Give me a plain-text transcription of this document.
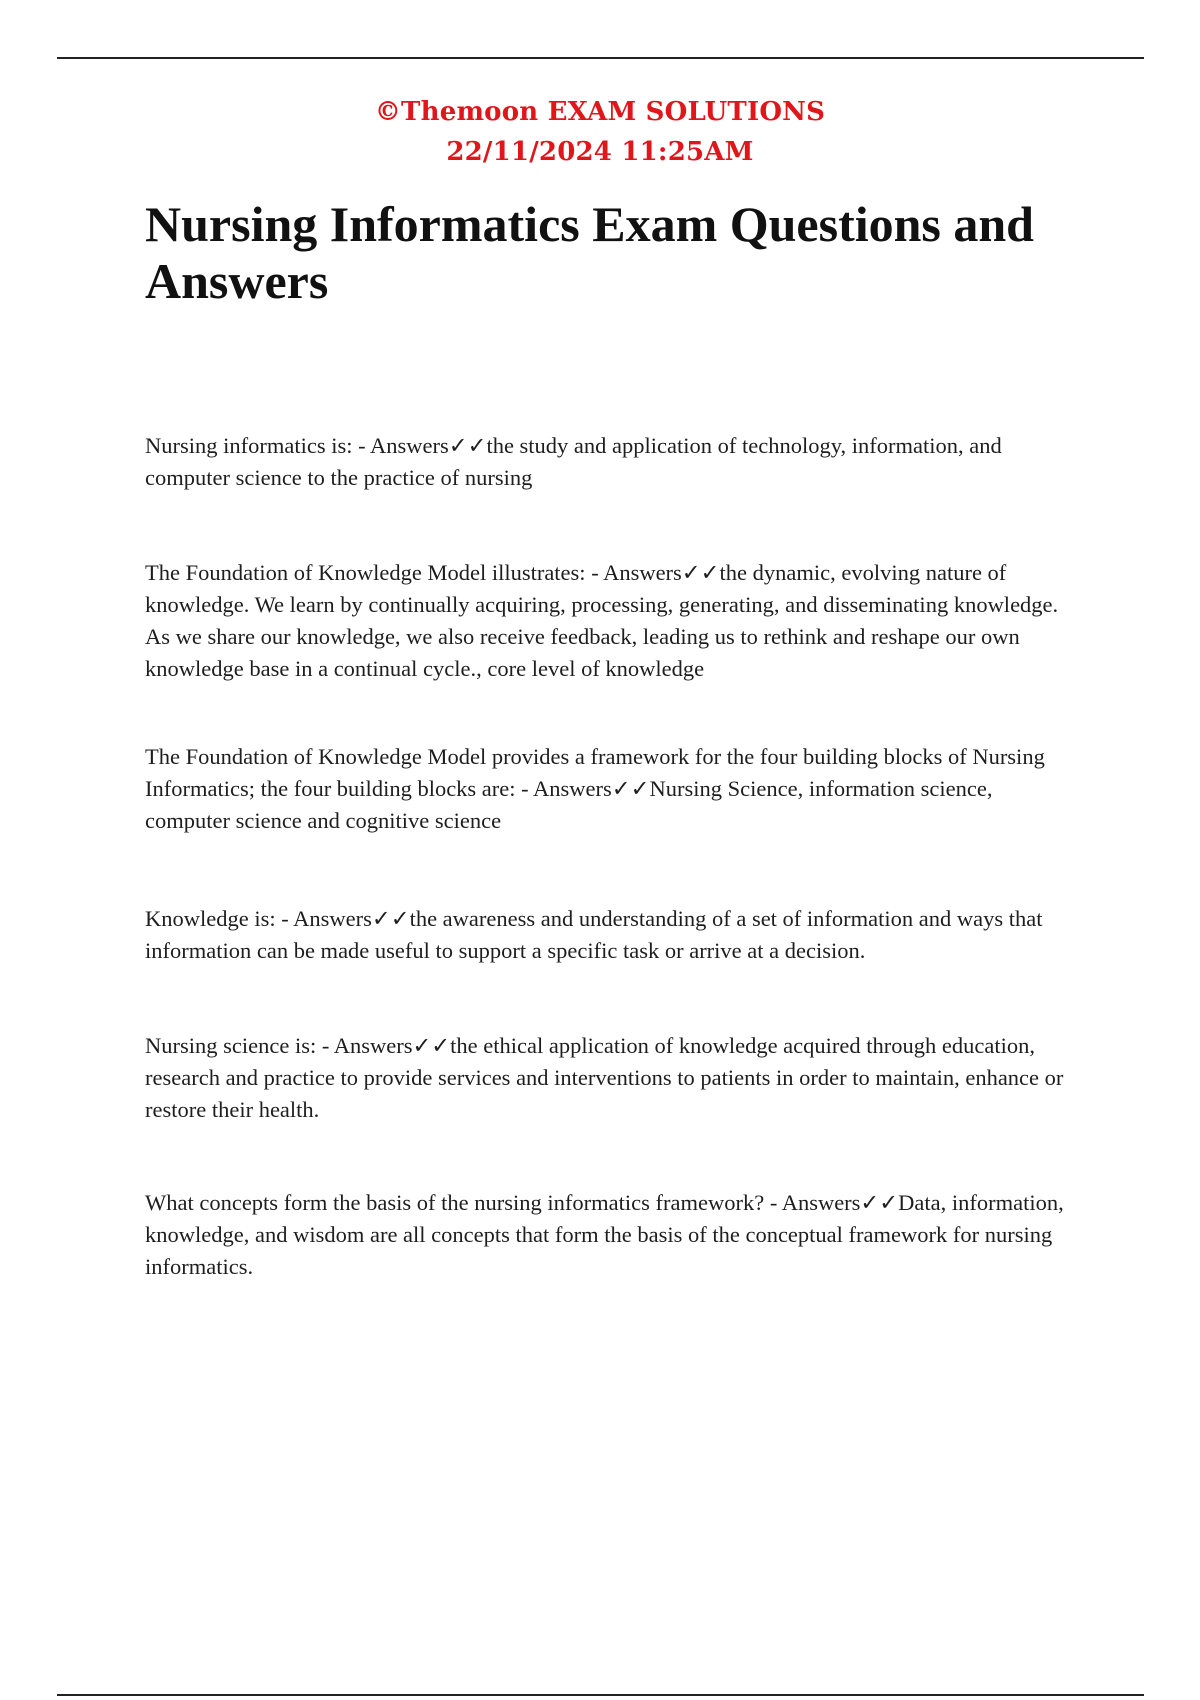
©Themoon EXAM SOLUTIONS
22/11/2024 11:25AM
Nursing Informatics Exam Questions and Answers

Nursing informatics is: - Answers✓✓the study and application of technology, information, and computer science to the practice of nursing

The Foundation of Knowledge Model illustrates: - Answers✓✓the dynamic, evolving nature of knowledge. We learn by continually acquiring, processing, generating, and disseminating knowledge. As we share our knowledge, we also receive feedback, leading us to rethink and reshape our own knowledge base in a continual cycle., core level of knowledge

The Foundation of Knowledge Model provides a framework for the four building blocks of Nursing Informatics; the four building blocks are: - Answers✓✓Nursing Science, information science, computer science and cognitive science

Knowledge is: - Answers✓✓the awareness and understanding of a set of information and ways that information can be made useful to support a specific task or arrive at a decision.

Nursing science is: - Answers✓✓the ethical application of knowledge acquired through education, research and practice to provide services and interventions to patients in order to maintain, enhance or restore their health.

What concepts form the basis of the nursing informatics framework? - Answers✓✓Data, information, knowledge, and wisdom are all concepts that form the basis of the conceptual framework for nursing informatics.
